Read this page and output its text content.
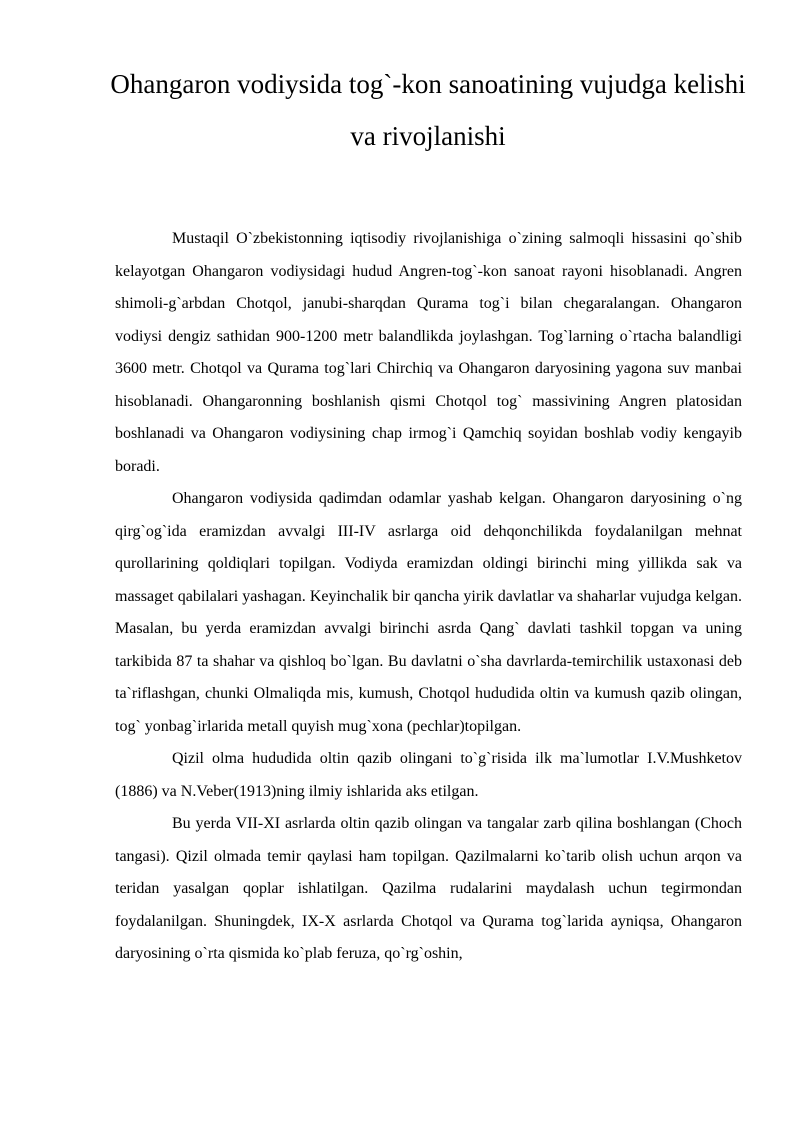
Ohangaron vodiysida tog`-kon sanoatining vujudga kelishi va rivojlanishi

Mustaqil O`zbekistonning iqtisodiy rivojlanishiga o`zining salmoqli hissasini qo`shib kelayotgan Ohangaron vodiysidagi hudud Angren-tog`-kon sanoat rayoni hisoblanadi. Angren shimoli-g`arbdan Chotqol, janubi-sharqdan Qurama tog`i bilan chegaralangan. Ohangaron vodiysi dengiz sathidan 900-1200 metr balandlikda joylashgan. Tog`larning o`rtacha balandligi 3600 metr. Chotqol va Qurama tog`lari Chirchiq va Ohangaron daryosining yagona suv manbai hisoblanadi. Ohangaronning boshlanish qismi Chotqol tog` massivining Angren platosidan boshlanadi va Ohangaron vodiysining chap irmog`i Qamchiq soyidan boshlab vodiy kengayib boradi.

Ohangaron vodiysida qadimdan odamlar yashab kelgan. Ohangaron daryosining o`ng qirg`og`ida eramizdan avvalgi III-IV asrlarga oid dehqonchilikda foydalanilgan mehnat qurollarining qoldiqlari topilgan. Vodiyda eramizdan oldingi birinchi ming yillikda sak va massaget qabilalari yashagan. Keyinchalik bir qancha yirik davlatlar va shaharlar vujudga kelgan. Masalan, bu yerda eramizdan avvalgi birinchi asrda Qang` davlati tashkil topgan va uning tarkibida 87 ta shahar va qishloq bo`lgan. Bu davlatni o`sha davrlarda-temirchilik ustaxonasi deb ta`riflashgan, chunki Olmaliqda mis, kumush, Chotqol hududida oltin va kumush qazib olingan, tog` yonbag`irlarida metall quyish mug`xona (pechlar)topilgan.

Qizil olma hududida oltin qazib olingani to`g`risida ilk ma`lumotlar I.V.Mushketov (1886) va N.Veber(1913)ning ilmiy ishlarida aks etilgan.

Bu yerda VII-XI asrlarda oltin qazib olingan va tangalar zarb qilina boshlangan (Choch tangasi). Qizil olmada temir qaylasi ham topilgan. Qazilmalarni ko`tarib olish uchun arqon va teridan yasalgan qoplar ishlatilgan. Qazilma rudalarini maydalash uchun tegirmondan foydalanilgan. Shuningdek, IX-X asrlarda Chotqol va Qurama tog`larida ayniqsa, Ohangaron daryosining o`rta qismida ko`plab feruza, qo`rg`oshin,
